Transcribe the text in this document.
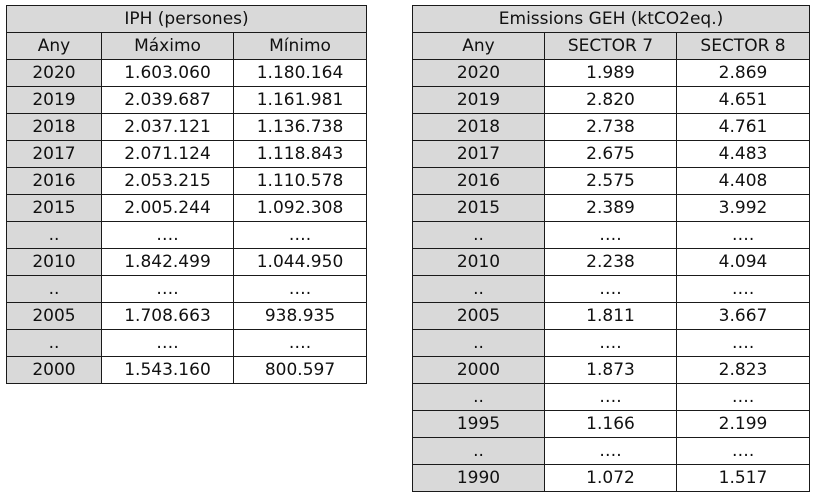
IPH (persones)		
Any	Máximo	Mínimo
2020	1.603.060	1.180.164
2019	2.039.687	1.161.981
2018	2.037.121	1.136.738
2017	2.071.124	1.118.843
2016	2.053.215	1.110.578
2015	2.005.244	1.092.308
..	….	….
2010	1.842.499	1.044.950
..	….	….
2005	1.708.663	938.935
..	….	….
2000	1.543.160	800.597
Emissions GEH (ktCO2eq.)		
Any	SECTOR 7	SECTOR 8
2020	1.989	2.869
2019	2.820	4.651
2018	2.738	4.761
2017	2.675	4.483
2016	2.575	4.408
2015	2.389	3.992
..	….	….
2010	2.238	4.094
..	….	….
2005	1.811	3.667
..	….	….
2000	1.873	2.823
..	….	….
1995	1.166	2.199
..	….	….
1990	1.072	1.517
